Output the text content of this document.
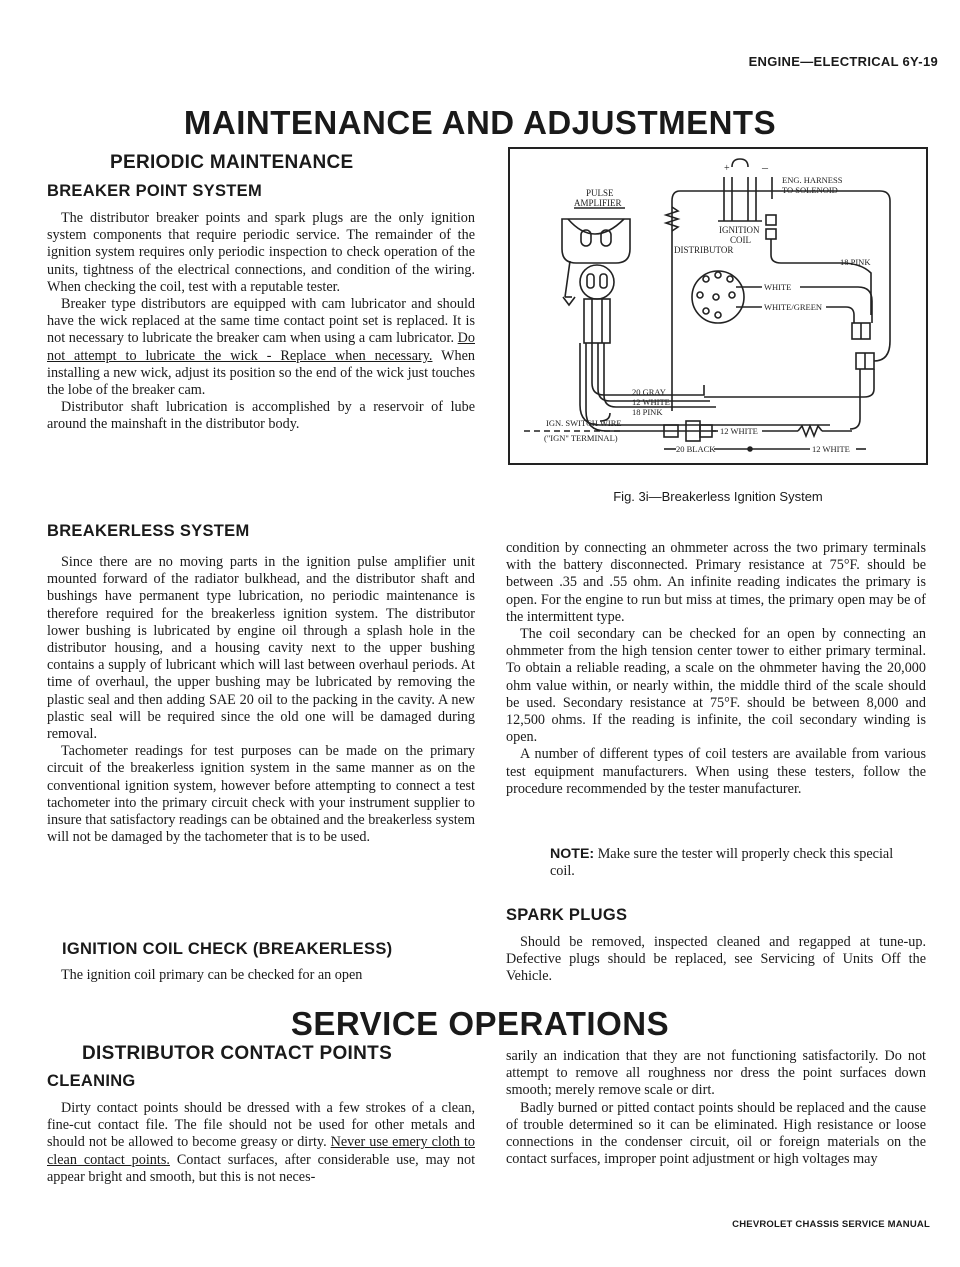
ENGINE—ELECTRICAL 6Y-19
MAINTENANCE AND ADJUSTMENTS
PERIODIC MAINTENANCE
BREAKER POINT SYSTEM

The distributor breaker points and spark plugs are the only ignition system components that require periodic service. The remainder of the ignition system requires only periodic inspection to check operation of the units, tightness of the electrical connections, and condition of the wiring. When checking the coil, test with a reputable tester.

Breaker type distributors are equipped with cam lubricator and should have the wick replaced at the same time contact point set is replaced. It is not necessary to lubricate the breaker cam when using a cam lubricator. Do not attempt to lubricate the wick - Replace when necessary. When installing a new wick, adjust its position so the end of the wick just touches the lobe of the breaker cam.

Distributor shaft lubrication is accomplished by a reservoir of lube around the mainshaft in the distributor body.

BREAKERLESS SYSTEM

Since there are no moving parts in the ignition pulse amplifier unit mounted forward of the radiator bulkhead, and the distributor shaft and bushings have permanent type lubrication, no periodic maintenance is therefore required for the breakerless ignition system. The distributor lower bushing is lubricated by engine oil through a splash hole in the distributor housing, and a housing cavity next to the upper bushing contains a supply of lubricant which will last between overhaul periods. At time of overhaul, the upper bushing may be lubricated by removing the plastic seal and then adding SAE 20 oil to the packing in the cavity. A new plastic seal will be required since the old one will be damaged during removal.

Tachometer readings for test purposes can be made on the primary circuit of the breakerless ignition system in the same manner as on the conventional ignition system, however before attempting to connect a test tachometer into the primary circuit check with your instrument supplier to insure that satisfactory readings can be obtained and the breakerless system will not be damaged by the tachometer that is to be used.

IGNITION COIL CHECK (BREAKERLESS)

The ignition coil primary can be checked for an open

PULSE
AMPLIFIER
+	–
IGNITION
COIL
ENG. HARNESS
TO SOLENOID
18 PINK
DISTRIBUTOR
WHITE
WHITE/GREEN
20 GRAY
12 WHITE
18 PINK
IGN. SWITCH WIRE
("IGN" TERMINAL)
12 WHITE
20 BLACK	12 WHITE
Fig. 3i—Breakerless Ignition System

condition by connecting an ohmmeter across the two primary terminals with the battery disconnected. Primary resistance at 75°F. should be between .35 and .55 ohm. An infinite reading indicates the primary is open. For the engine to run but miss at times, the primary open may be of the intermittent type.

The coil secondary can be checked for an open by connecting an ohmmeter from the high tension center tower to either primary terminal. To obtain a reliable reading, a scale on the ohmmeter having the 20,000 ohm value within, or nearly within, the middle third of the scale should be used. Secondary resistance at 75°F. should be between 8,000 and 12,500 ohms. If the reading is infinite, the coil secondary winding is open.

A number of different types of coil testers are available from various test equipment manufacturers. When using these testers, follow the procedure recommended by the tester manufacturer.

NOTE: Make sure the tester will properly check this special coil.
SPARK PLUGS

Should be removed, inspected cleaned and regapped at tune-up. Defective plugs should be replaced, see Servicing of Units Off the Vehicle.

SERVICE OPERATIONS
DISTRIBUTOR CONTACT POINTS
CLEANING

Dirty contact points should be dressed with a few strokes of a clean, fine-cut contact file. The file should not be used for other metals and should not be allowed to become greasy or dirty. Never use emery cloth to clean contact points. Contact surfaces, after considerable use, may not appear bright and smooth, but this is not neces-

sarily an indication that they are not functioning satisfactorily. Do not attempt to remove all roughness nor dress the point surfaces down smooth; merely remove scale or dirt.

Badly burned or pitted contact points should be replaced and the cause of trouble determined so it can be eliminated. High resistance or loose connections in the condenser circuit, oil or foreign materials on the contact surfaces, improper point adjustment or high voltages may

CHEVROLET CHASSIS SERVICE MANUAL
